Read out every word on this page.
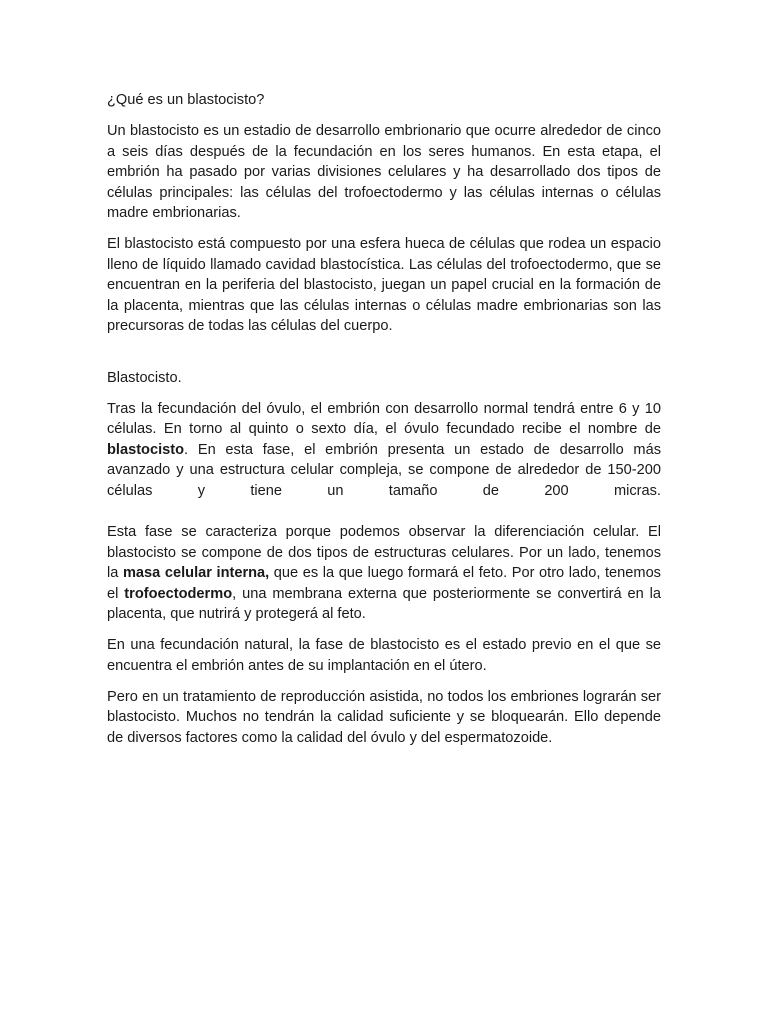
¿Qué es un blastocisto?

Un blastocisto es un estadio de desarrollo embrionario que ocurre alrededor de cinco a seis días después de la fecundación en los seres humanos. En esta etapa, el embrión ha pasado por varias divisiones celulares y ha desarrollado dos tipos de células principales: las células del trofoectodermo y las células internas o células madre embrionarias.

El blastocisto está compuesto por una esfera hueca de células que rodea un espacio lleno de líquido llamado cavidad blastocística. Las células del trofoectodermo, que se encuentran en la periferia del blastocisto, juegan un papel crucial en la formación de la placenta, mientras que las células internas o células madre embrionarias son las precursoras de todas las células del cuerpo.

Blastocisto.

Tras la fecundación del óvulo, el embrión con desarrollo normal tendrá entre 6 y 10 células. En torno al quinto o sexto día, el óvulo fecundado recibe el nombre de blastocisto. En esta fase, el embrión presenta un estado de desarrollo más avanzado y una estructura celular compleja, se compone de alrededor de 150-200 células y tiene un tamaño de 200 micras.

Esta fase se caracteriza porque podemos observar la diferenciación celular. El blastocisto se compone de dos tipos de estructuras celulares. Por un lado, tenemos la masa celular interna, que es la que luego formará el feto. Por otro lado, tenemos el trofoectodermo, una membrana externa que posteriormente se convertirá en la placenta, que nutrirá y protegerá al feto.

En una fecundación natural, la fase de blastocisto es el estado previo en el que se encuentra el embrión antes de su implantación en el útero.

Pero en un tratamiento de reproducción asistida, no todos los embriones lograrán ser blastocisto. Muchos no tendrán la calidad suficiente y se bloquearán. Ello depende de diversos factores como la calidad del óvulo y del espermatozoide.
